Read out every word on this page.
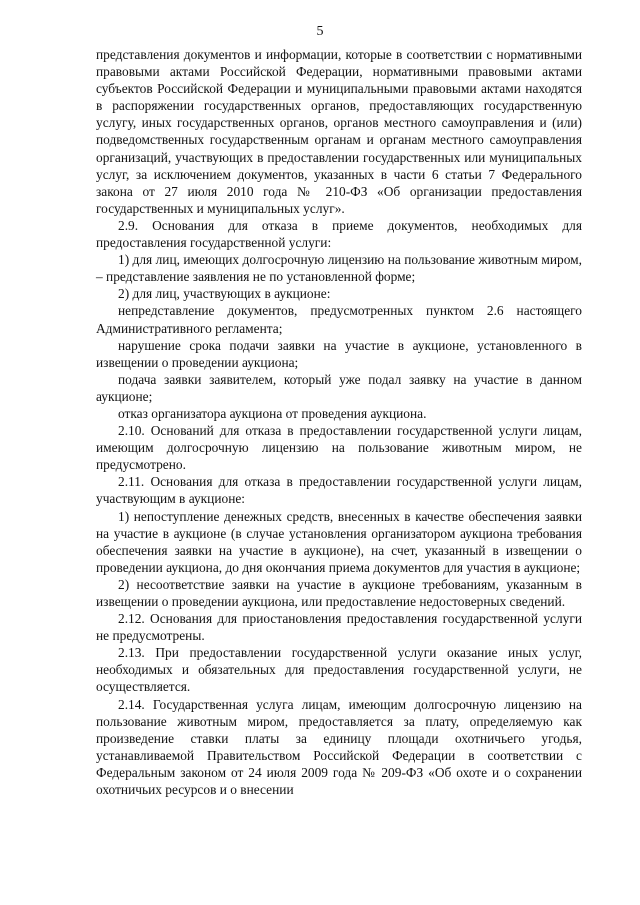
5

представления документов и информации, которые в соответствии с нормативными правовыми актами Российской Федерации, нормативными правовыми актами субъектов Российской Федерации и муниципальными правовыми актами находятся в распоряжении государственных органов, предоставляющих государственную услугу, иных государственных органов, органов местного самоуправления и (или) подведомственных государственным органам и органам местного самоуправления организаций, участвующих в предоставлении государственных или муниципальных услуг, за исключением документов, указанных в части 6 статьи 7 Федерального закона от 27 июля 2010 года № 210-ФЗ «Об организации предоставления государственных и муниципальных услуг».

2.9. Основания для отказа в приеме документов, необходимых для предоставления государственной услуги:

1) для лиц, имеющих долгосрочную лицензию на пользование животным миром, – представление заявления не по установленной форме;

2) для лиц, участвующих в аукционе:

непредставление документов, предусмотренных пунктом 2.6 настоящего Административного регламента;

нарушение срока подачи заявки на участие в аукционе, установленного в извещении о проведении аукциона;

подача заявки заявителем, который уже подал заявку на участие в данном аукционе;

отказ организатора аукциона от проведения аукциона.

2.10. Оснований для отказа в предоставлении государственной услуги лицам, имеющим долгосрочную лицензию на пользование животным миром, не предусмотрено.

2.11. Основания для отказа в предоставлении государственной услуги лицам, участвующим в аукционе:

1) непоступление денежных средств, внесенных в качестве обеспечения заявки на участие в аукционе (в случае установления организатором аукциона требования обеспечения заявки на участие в аукционе), на счет, указанный в извещении о проведении аукциона, до дня окончания приема документов для участия в аукционе;

2) несоответствие заявки на участие в аукционе требованиям, указанным в извещении о проведении аукциона, или предоставление недостоверных сведений.

2.12. Основания для приостановления предоставления государственной услуги не предусмотрены.

2.13. При предоставлении государственной услуги оказание иных услуг, необходимых и обязательных для предоставления государственной услуги, не осуществляется.

2.14. Государственная услуга лицам, имеющим долгосрочную лицензию на пользование животным миром, предоставляется за плату, определяемую как произведение ставки платы за единицу площади охотничьего угодья, устанавливаемой Правительством Российской Федерации в соответствии с Федеральным законом от 24 июля 2009 года № 209-ФЗ «Об охоте и о сохранении охотничьих ресурсов и о внесении
